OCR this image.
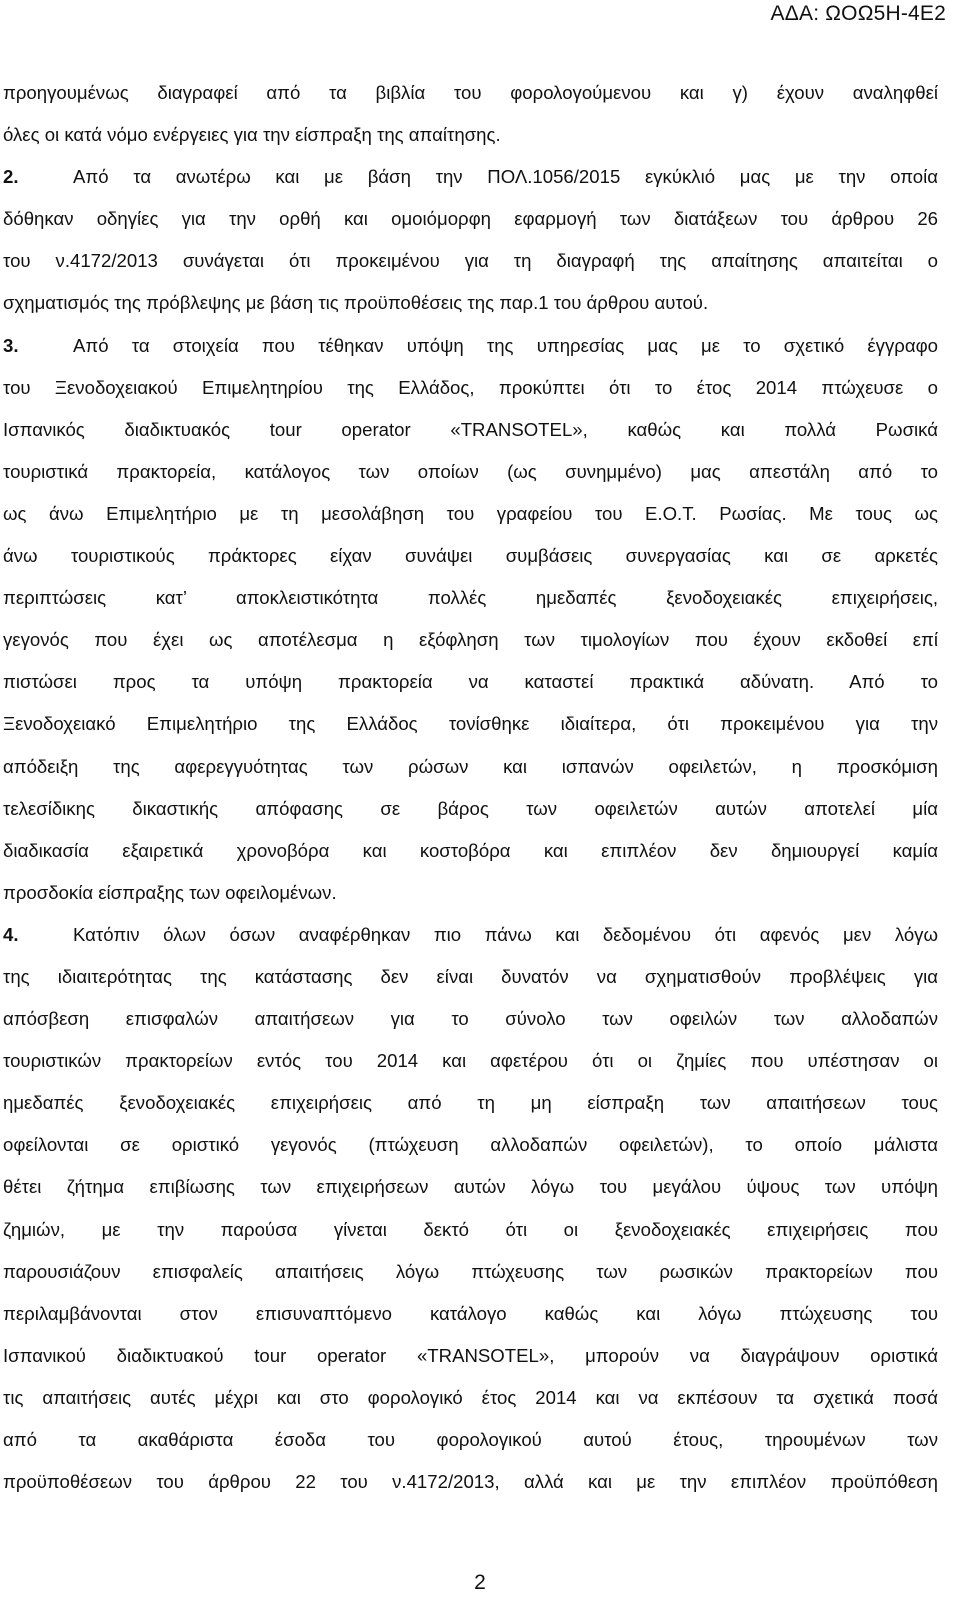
ΑΔΑ: ΩΟΩ5Η-4Ε2
προηγουμένως διαγραφεί από τα βιβλία του φορολογούμενου και γ) έχουν αναληφθεί
όλες οι κατά νόμο ενέργειες για την είσπραξη της απαίτησης.
2.	Από τα ανωτέρω και με βάση την ΠΟΛ.1056/2015 εγκύκλιό μας με την οποία
δόθηκαν οδηγίες για την ορθή και ομοιόμορφη εφαρμογή των διατάξεων του άρθρου 26
του ν.4172/2013 συνάγεται ότι προκειμένου για τη διαγραφή της απαίτησης απαιτείται ο
σχηματισμός της πρόβλεψης με βάση τις προϋποθέσεις της παρ.1 του άρθρου αυτού.
3.	Από τα στοιχεία που τέθηκαν υπόψη της υπηρεσίας μας με το σχετικό έγγραφο
του Ξενοδοχειακού Επιμελητηρίου της Ελλάδος, προκύπτει ότι το έτος 2014 πτώχευσε ο
Ισπανικός διαδικτυακός tour operator «TRANSOTEL», καθώς και πολλά Ρωσικά
τουριστικά πρακτορεία, κατάλογος των οποίων (ως συνημμένο) μας απεστάλη από το
ως άνω Επιμελητήριο με τη μεσολάβηση του γραφείου του Ε.Ο.Τ. Ρωσίας. Με τους ως
άνω τουριστικούς πράκτορες είχαν συνάψει συμβάσεις συνεργασίας και σε αρκετές
περιπτώσεις κατ’ αποκλειστικότητα πολλές ημεδαπές ξενοδοχειακές επιχειρήσεις,
γεγονός που έχει ως αποτέλεσμα η εξόφληση των τιμολογίων που έχουν εκδοθεί επί
πιστώσει προς τα υπόψη πρακτορεία να καταστεί πρακτικά αδύνατη. Από το
Ξενοδοχειακό Επιμελητήριο της Ελλάδος τονίσθηκε ιδιαίτερα, ότι προκειμένου για την
απόδειξη της αφερεγγυότητας των ρώσων και ισπανών οφειλετών, η προσκόμιση
τελεσίδικης δικαστικής απόφασης σε βάρος των οφειλετών αυτών αποτελεί μία
διαδικασία εξαιρετικά χρονοβόρα και κοστοβόρα και επιπλέον δεν δημιουργεί καμία
προσδοκία είσπραξης των οφειλομένων.
4.	Κατόπιν όλων όσων αναφέρθηκαν πιο πάνω και δεδομένου ότι αφενός μεν λόγω
της ιδιαιτερότητας της κατάστασης δεν είναι δυνατόν να σχηματισθούν προβλέψεις για
απόσβεση επισφαλών απαιτήσεων για το σύνολο των οφειλών των αλλοδαπών
τουριστικών πρακτορείων εντός του 2014 και αφετέρου ότι οι ζημίες που υπέστησαν οι
ημεδαπές ξενοδοχειακές επιχειρήσεις από τη μη είσπραξη των απαιτήσεων τους
οφείλονται σε οριστικό γεγονός (πτώχευση αλλοδαπών οφειλετών), το οποίο μάλιστα
θέτει ζήτημα επιβίωσης των επιχειρήσεων αυτών λόγω του μεγάλου ύψους των υπόψη
ζημιών, με την παρούσα γίνεται δεκτό ότι οι ξενοδοχειακές επιχειρήσεις που
παρουσιάζουν επισφαλείς απαιτήσεις λόγω πτώχευσης των ρωσικών πρακτορείων που
περιλαμβάνονται στον επισυναπτόμενο κατάλογο καθώς και λόγω πτώχευσης του
Ισπανικού διαδικτυακού tour operator «TRANSOTEL», μπορούν να διαγράψουν οριστικά
τις απαιτήσεις αυτές μέχρι και στο φορολογικό έτος 2014 και να εκπέσουν τα σχετικά ποσά
από τα ακαθάριστα έσοδα του φορολογικού αυτού έτους, τηρουμένων των
προϋποθέσεων του άρθρου 22 του ν.4172/2013, αλλά και με την επιπλέον προϋπόθεση
2
